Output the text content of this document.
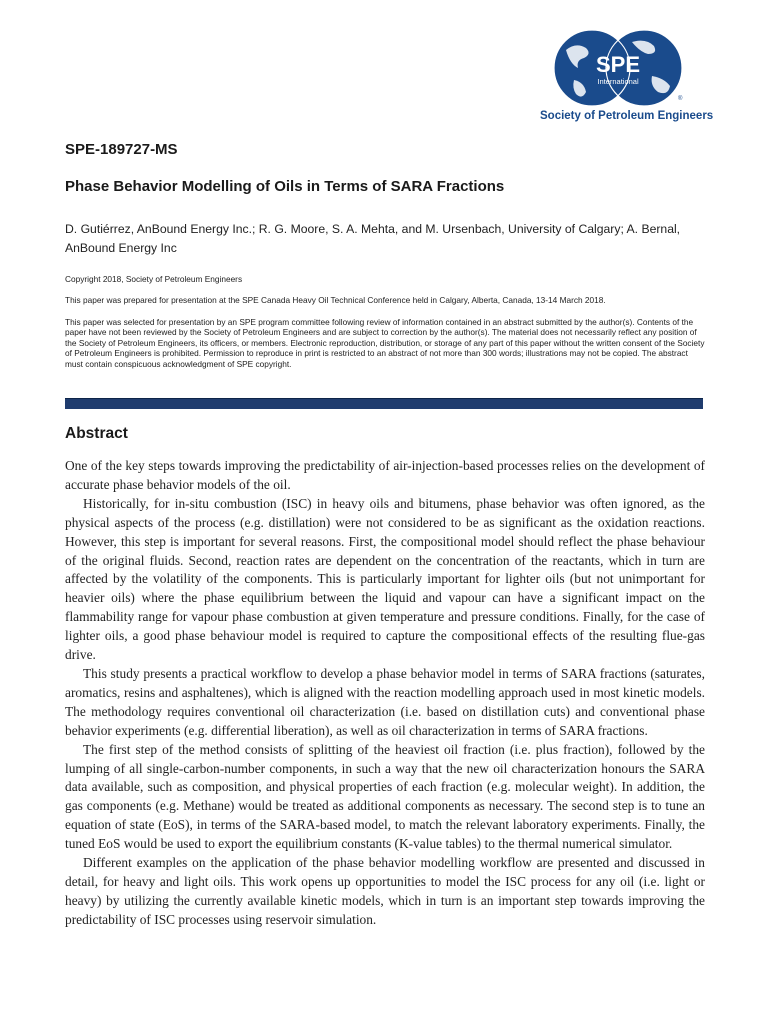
SPE
International
®
Society of Petroleum Engineers
SPE-189727-MS
Phase Behavior Modelling of Oils in Terms of SARA Fractions
D. Gutiérrez, AnBound Energy Inc.; R. G. Moore, S. A. Mehta, and M. Ursenbach, University of Calgary; A. Bernal, AnBound Energy Inc
Copyright 2018, Society of Petroleum Engineers
This paper was prepared for presentation at the SPE Canada Heavy Oil Technical Conference held in Calgary, Alberta, Canada, 13-14 March 2018.
This paper was selected for presentation by an SPE program committee following review of information contained in an abstract submitted by the author(s). Contents of the paper have not been reviewed by the Society of Petroleum Engineers and are subject to correction by the author(s). The material does not necessarily reflect any position of the Society of Petroleum Engineers, its officers, or members. Electronic reproduction, distribution, or storage of any part of this paper without the written consent of the Society of Petroleum Engineers is prohibited. Permission to reproduce in print is restricted to an abstract of not more than 300 words; illustrations may not be copied. The abstract must contain conspicuous acknowledgment of SPE copyright.
Abstract

One of the key steps towards improving the predictability of air-injection-based processes relies on the development of accurate phase behavior models of the oil.

Historically, for in-situ combustion (ISC) in heavy oils and bitumens, phase behavior was often ignored, as the physical aspects of the process (e.g. distillation) were not considered to be as significant as the oxidation reactions. However, this step is important for several reasons. First, the compositional model should reflect the phase behaviour of the original fluids. Second, reaction rates are dependent on the concentration of the reactants, which in turn are affected by the volatility of the components. This is particularly important for lighter oils (but not unimportant for heavier oils) where the phase equilibrium between the liquid and vapour can have a significant impact on the flammability range for vapour phase combustion at given temperature and pressure conditions. Finally, for the case of lighter oils, a good phase behaviour model is required to capture the compositional effects of the resulting flue-gas drive.

This study presents a practical workflow to develop a phase behavior model in terms of SARA fractions (saturates, aromatics, resins and asphaltenes), which is aligned with the reaction modelling approach used in most kinetic models. The methodology requires conventional oil characterization (i.e. based on distillation cuts) and conventional phase behavior experiments (e.g. differential liberation), as well as oil characterization in terms of SARA fractions.

The first step of the method consists of splitting of the heaviest oil fraction (i.e. plus fraction), followed by the lumping of all single-carbon-number components, in such a way that the new oil characterization honours the SARA data available, such as composition, and physical properties of each fraction (e.g. molecular weight). In addition, the gas components (e.g. Methane) would be treated as additional components as necessary. The second step is to tune an equation of state (EoS), in terms of the SARA-based model, to match the relevant laboratory experiments. Finally, the tuned EoS would be used to export the equilibrium constants (K-value tables) to the thermal numerical simulator.

Different examples on the application of the phase behavior modelling workflow are presented and discussed in detail, for heavy and light oils. This work opens up opportunities to model the ISC process for any oil (i.e. light or heavy) by utilizing the currently available kinetic models, which in turn is an important step towards improving the predictability of ISC processes using reservoir simulation.
